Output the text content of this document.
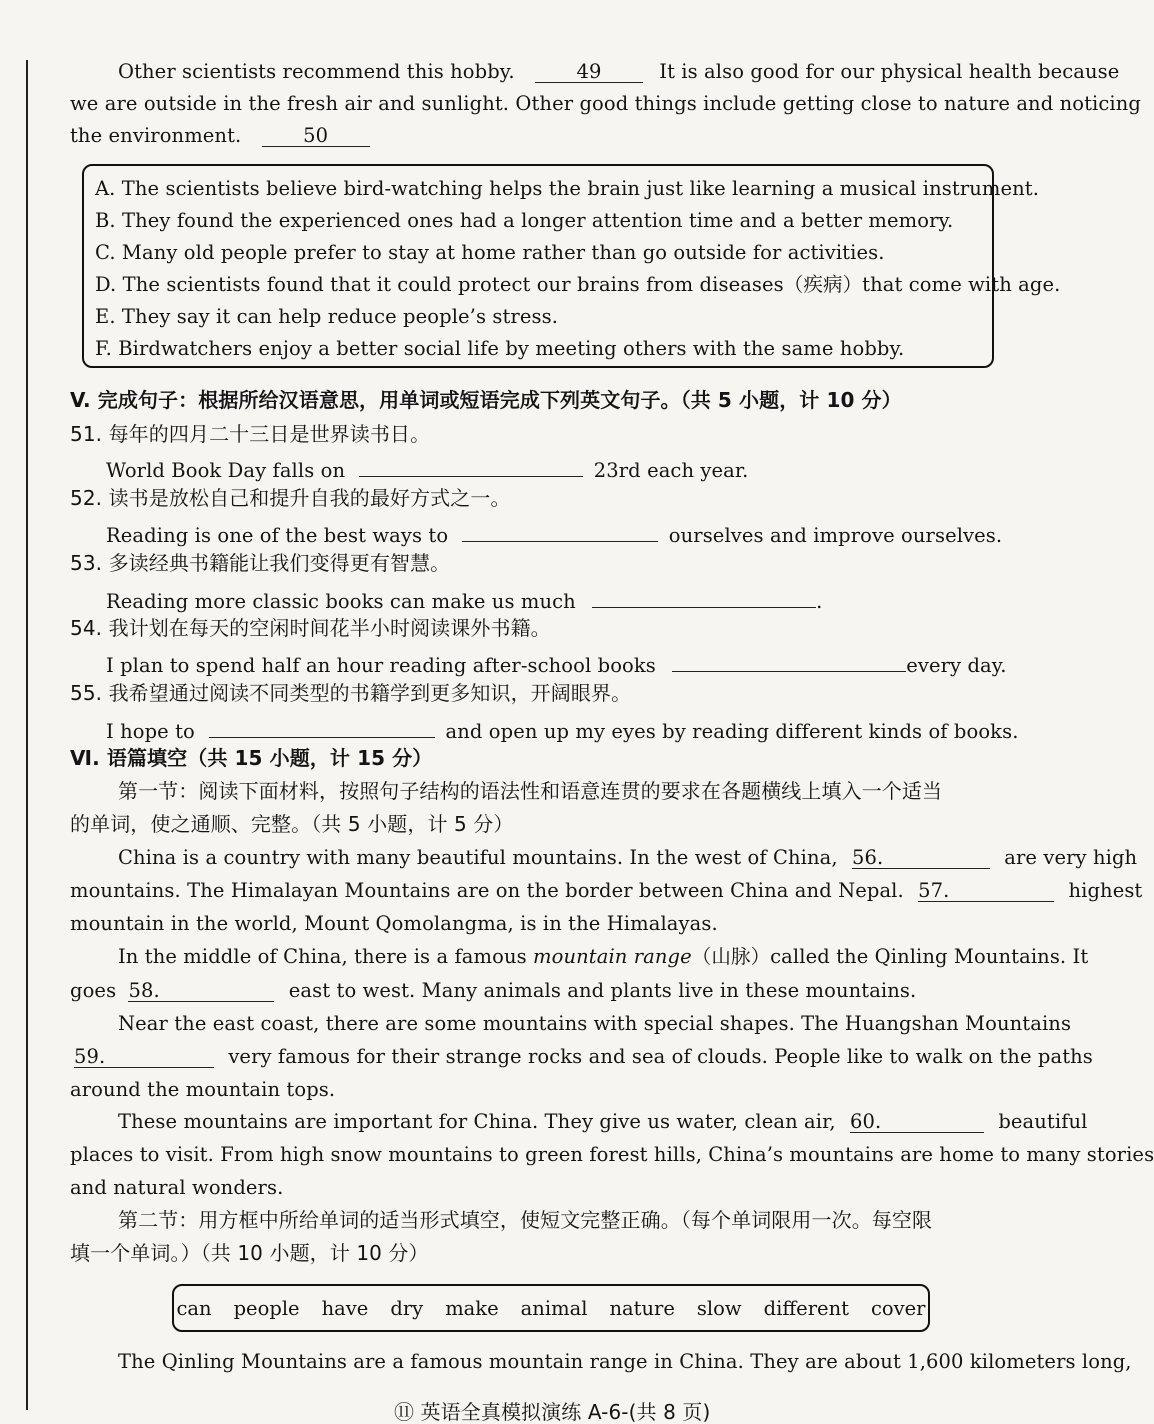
Other scientists recommend this hobby.	49	It is also good for our physical health because
we are outside in the fresh air and sunlight. Other good things include getting close to nature and noticing
the environment.	50
A. The scientists believe bird-watching helps the brain just like learning a musical instrument.
B. They found the experienced ones had a longer attention time and a better memory.
C. Many old people prefer to stay at home rather than go outside for activities.
D. The scientists found that it could protect our brains from diseases（疾病）that come with age.
E. They say it can help reduce people’s stress.
F. Birdwatchers enjoy a better social life by meeting others with the same hobby.
V. 完成句子：根据所给汉语意思，用单词或短语完成下列英文句子。（共 5 小题，计 10 分）
51. 每年的四月二十三日是世界读书日。
World Book Day falls on	23rd each year.
52. 读书是放松自己和提升自我的最好方式之一。
Reading is one of the best ways to	ourselves and improve ourselves.
53. 多读经典书籍能让我们变得更有智慧。
Reading more classic books can make us much	.
54. 我计划在每天的空闲时间花半小时阅读课外书籍。
I plan to spend half an hour reading after-school books	every day.
55. 我希望通过阅读不同类型的书籍学到更多知识，开阔眼界。
I hope to	and open up my eyes by reading different kinds of books.
Ⅵ. 语篇填空（共 15 小题，计 15 分）
第一节：阅读下面材料，按照句子结构的语法性和语意连贯的要求在各题横线上填入一个适当
的单词，使之通顺、完整。（共 5 小题，计 5 分）
China is a country with many beautiful mountains. In the west of China, 56.	are very high
mountains. The Himalayan Mountains are on the border between China and Nepal. 57.	highest
mountain in the world, Mount Qomolangma, is in the Himalayas.
In the middle of China, there is a famous mountain range（山脉）called the Qinling Mountains. It
goes 58.	east to west. Many animals and plants live in these mountains.
Near the east coast, there are some mountains with special shapes. The Huangshan Mountains
59.	very famous for their strange rocks and sea of clouds. People like to walk on the paths
around the mountain tops.
These mountains are important for China. They give us water, clean air, 60.	beautiful
places to visit. From high snow mountains to green forest hills, China’s mountains are home to many stories
and natural wonders.
第二节：用方框中所给单词的适当形式填空，使短文完整正确。（每个单词限用一次。每空限
填一个单词。）（共 10 小题，计 10 分）
can people have dry make animal nature slow different cover
The Qinling Mountains are a famous mountain range in China. They are about 1,600 kilometers long,
⑪ 英语全真模拟演练 A-6-(共 8 页)
